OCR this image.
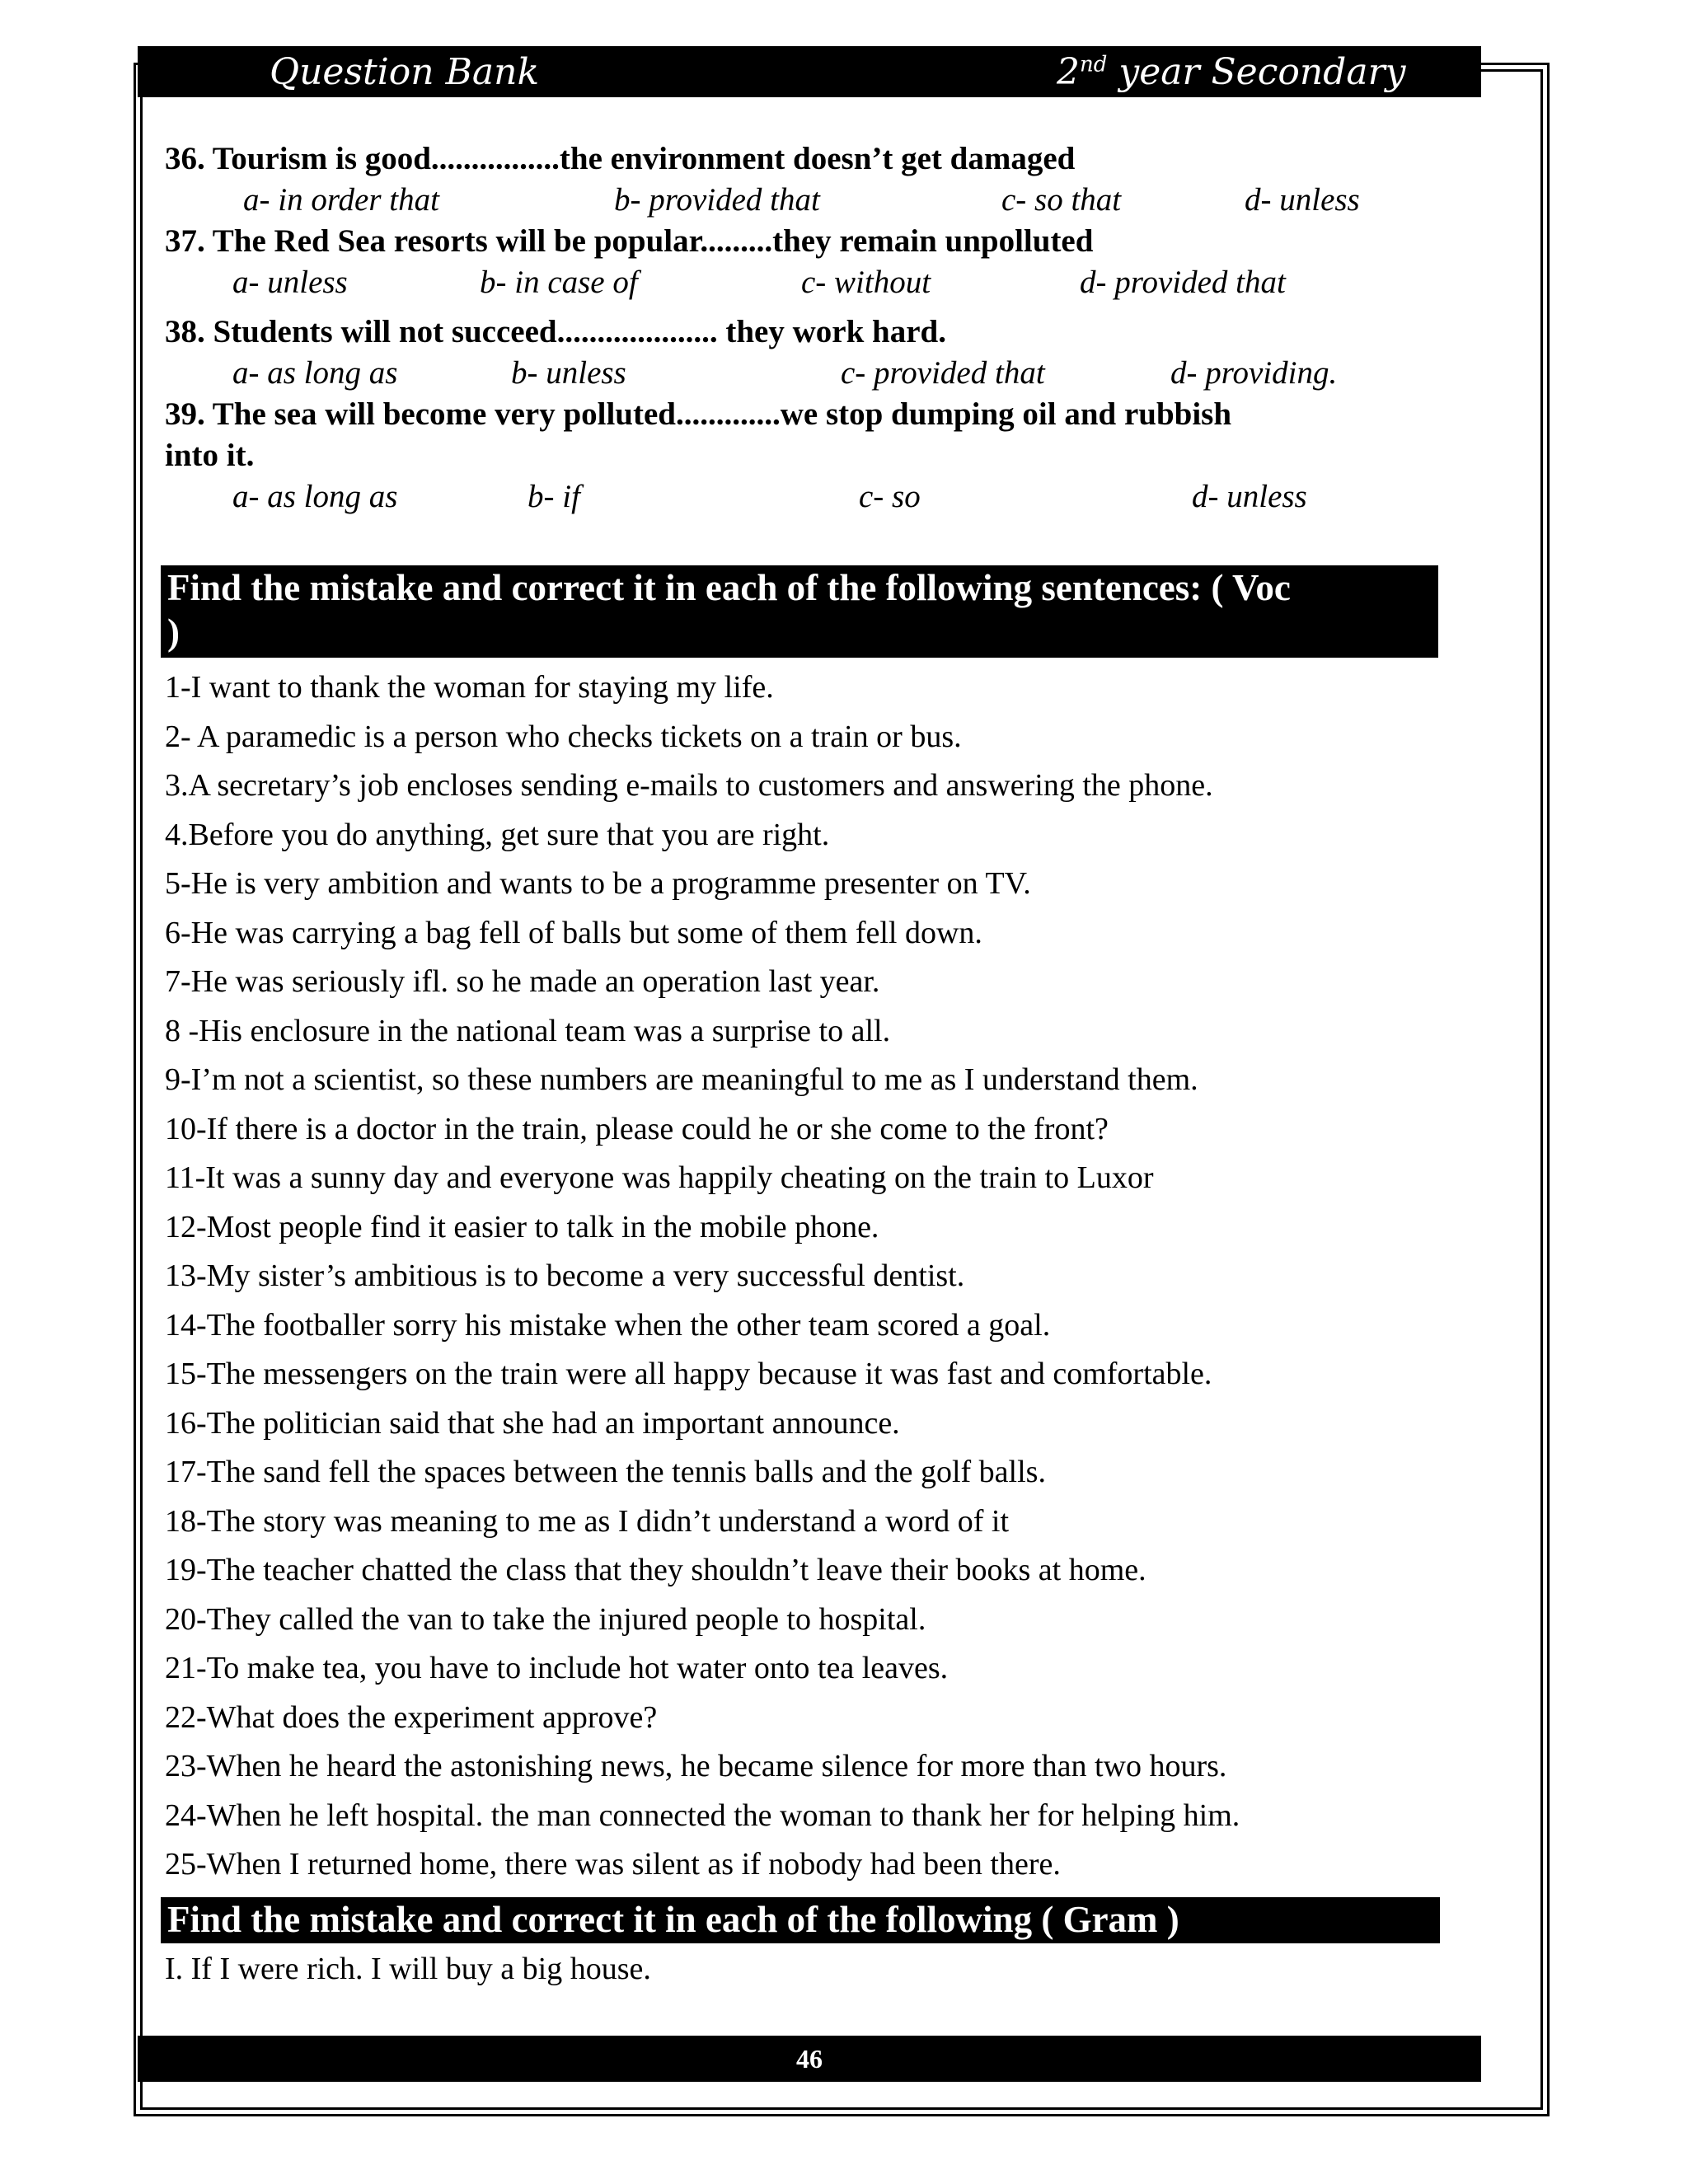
Question Bank	2nd year Secondary
36. Tourism is good................the environment doesn’t get damaged
a- in order that	b- provided that	c- so that	d- unless
37. The Red Sea resorts will be popular.........they remain unpolluted
a- unless	b- in case of	c- without	d- provided that
38. Students will not succeed.................... they work hard.
a- as long as	b- unless	c- provided that	d- providing.
39. The sea will become very polluted.............we stop dumping oil and rubbish
into it.
a- as long as	b- if	c- so	d- unless
Find the mistake and correct it in each of the following sentences: ( Voc
)
1-I want to thank the woman for staying my life.
2- A paramedic is a person who checks tickets on a train or bus.
3.A secretary’s job encloses sending e-mails to customers and answering the phone.
4.Before you do anything, get sure that you are right.
5-He is very ambition and wants to be a programme presenter on TV.
6-He was carrying a bag fell of balls but some of them fell down.
7-He was seriously ifl. so he made an operation last year.
8 -His enclosure in the national team was a surprise to all.
9-I’m not a scientist, so these numbers are meaningful to me as I understand them.
10-If there is a doctor in the train, please could he or she come to the front?
11-It was a sunny day and everyone was happily cheating on the train to Luxor
12-Most people find it easier to talk in the mobile phone.
13-My sister’s ambitious is to become a very successful dentist.
14-The footballer sorry his mistake when the other team scored a goal.
15-The messengers on the train were all happy because it was fast and comfortable.
16-The politician said that she had an important announce.
17-The sand fell the spaces between the tennis balls and the golf balls.
18-The story was meaning to me as I didn’t understand a word of it
19-The teacher chatted the class that they shouldn’t leave their books at home.
20-They called the van to take the injured people to hospital.
21-To make tea, you have to include hot water onto tea leaves.
22-What does the experiment approve?
23-When he heard the astonishing news, he became silence for more than two hours.
24-When he left hospital. the man connected the woman to thank her for helping him.
25-When I returned home, there was silent as if nobody had been there.
Find the mistake and correct it in each of the following ( Gram )
I. If I were rich. I will buy a big house.
46
